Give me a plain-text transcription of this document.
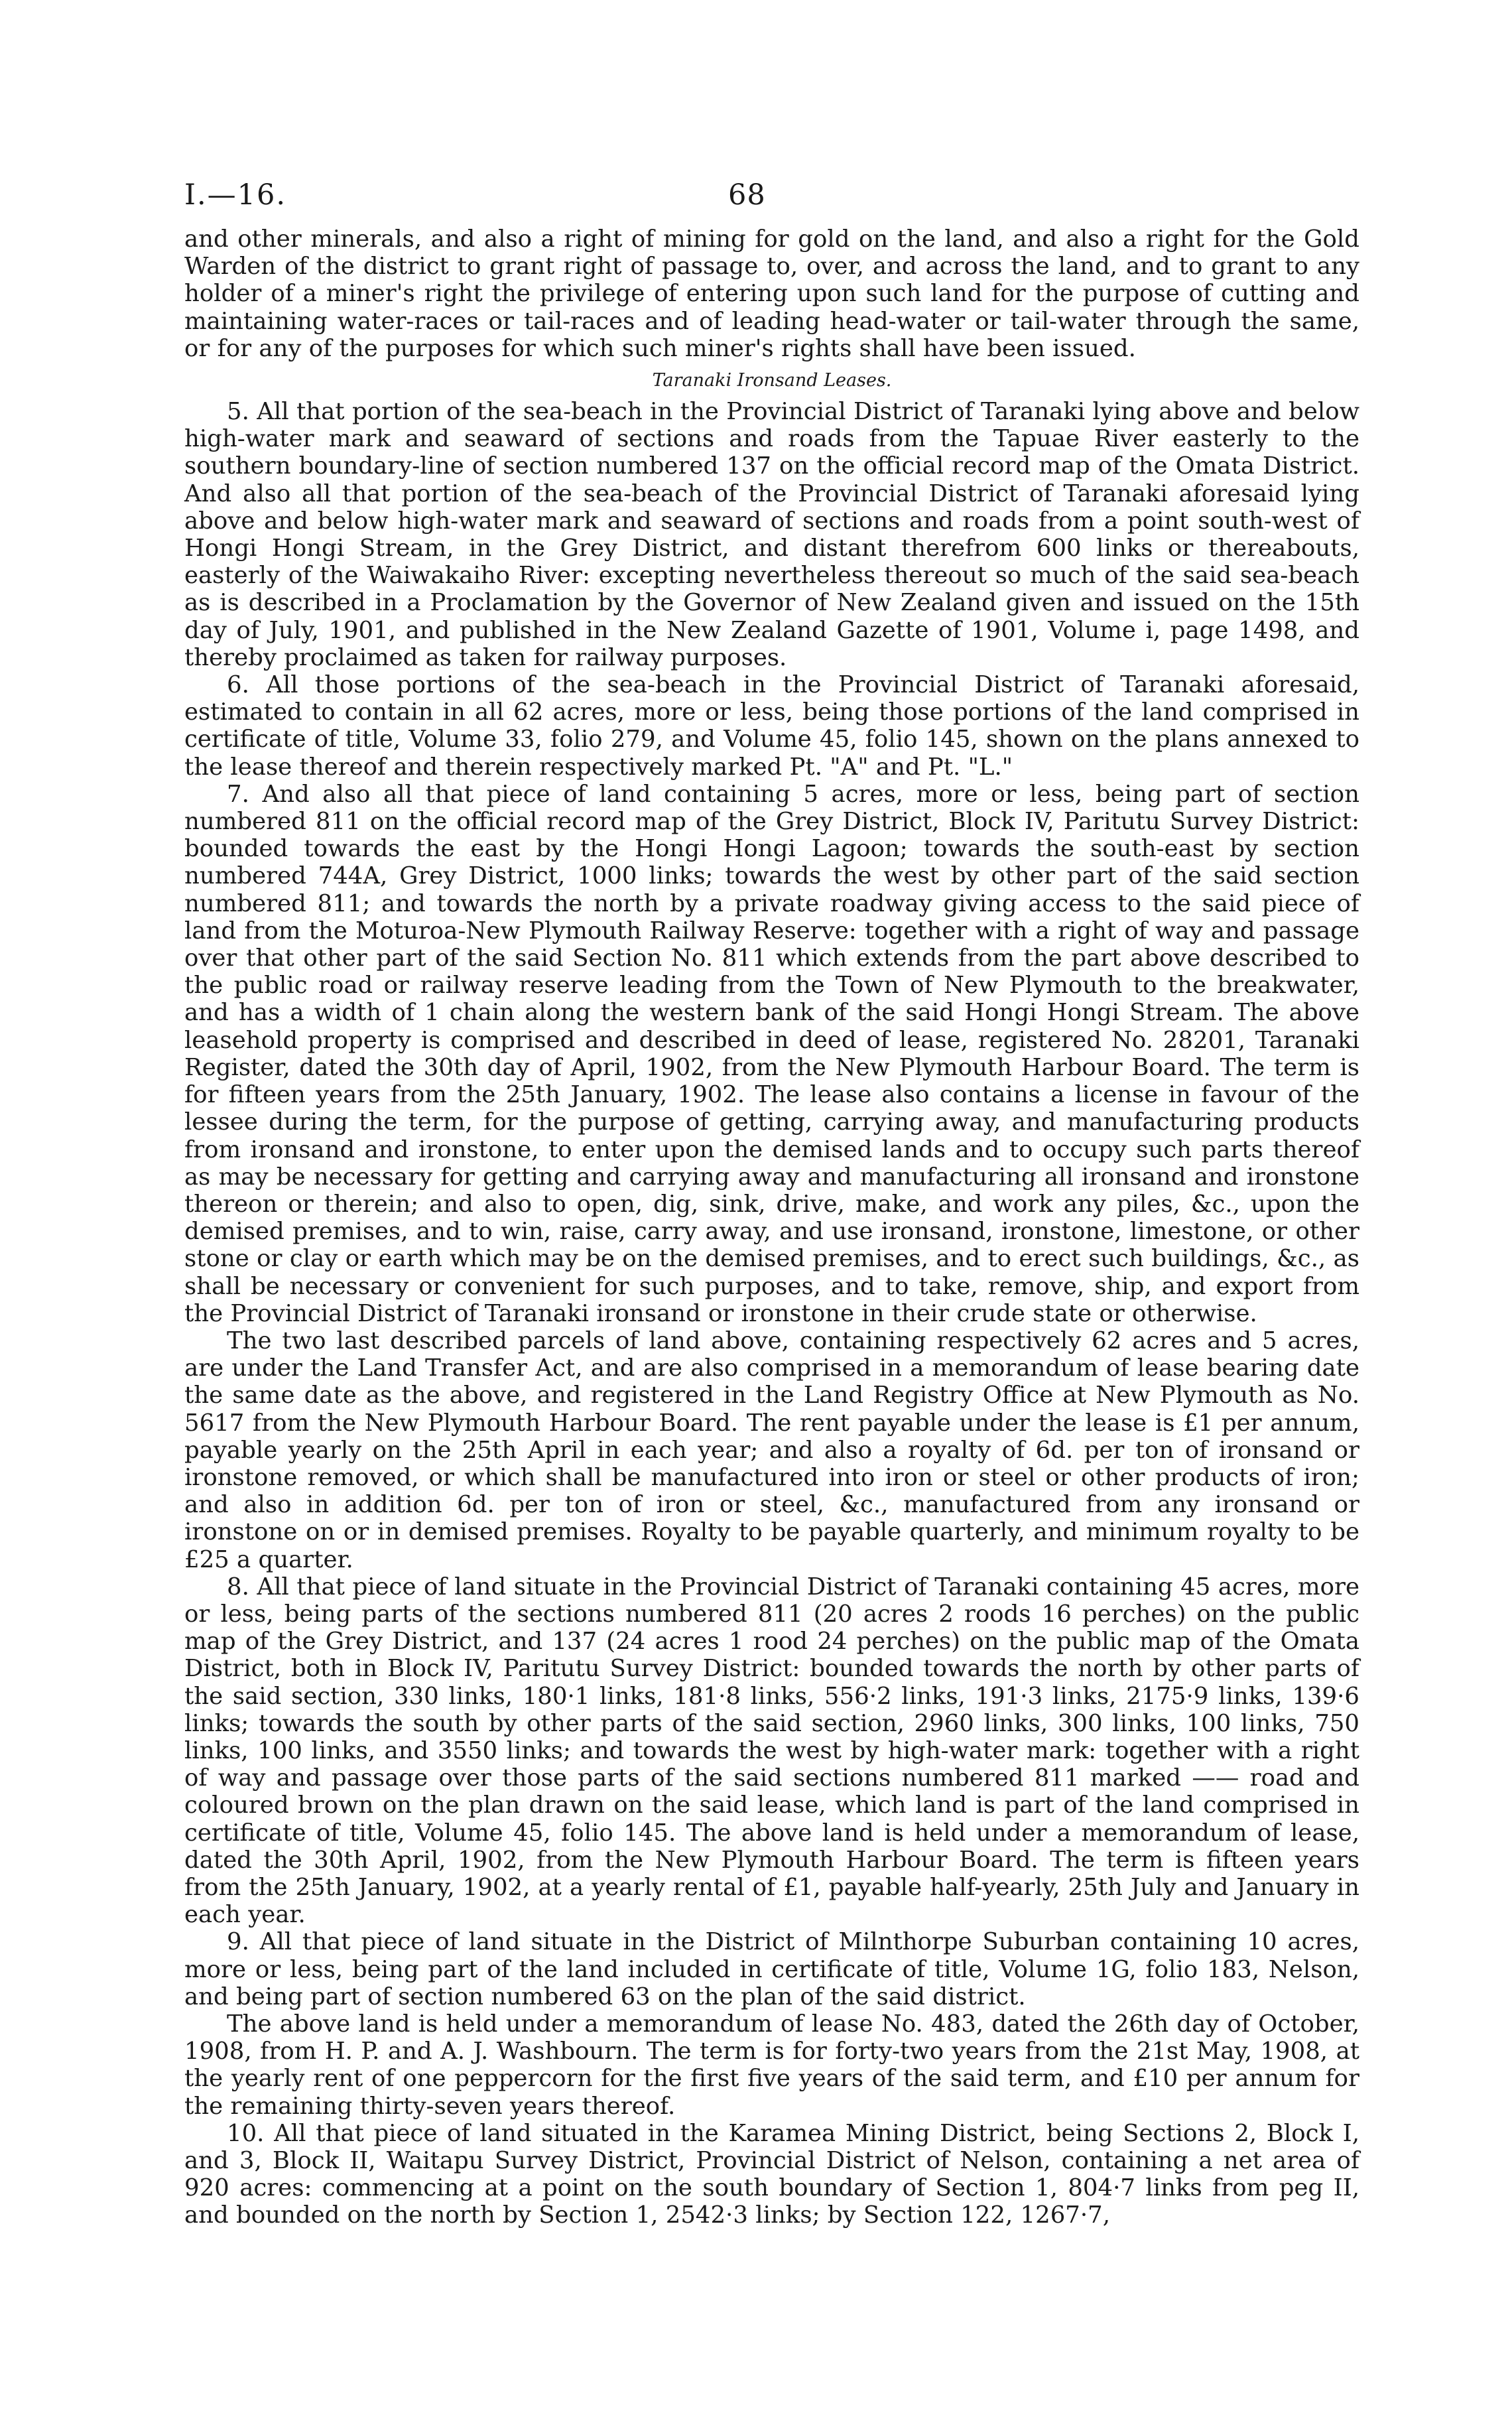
I.—16.	68

and other minerals, and also a right of mining for gold on the land, and also a right for the Gold Warden of the district to grant right of passage to, over, and across the land, and to grant to any holder of a miner's right the privilege of entering upon such land for the purpose of cutting and maintaining water-races or tail-races and of leading head-water or tail-water through the same, or for any of the purposes for which such miner's rights shall have been issued.

Taranaki Ironsand Leases.

5. All that portion of the sea-beach in the Provincial District of Taranaki lying above and below high-water mark and seaward of sections and roads from the Tapuae River easterly to the southern boundary-line of section numbered 137 on the official record map of the Omata District. And also all that portion of the sea-beach of the Provincial District of Taranaki aforesaid lying above and below high-water mark and seaward of sections and roads from a point south-west of Hongi Hongi Stream, in the Grey District, and distant therefrom 600 links or thereabouts, easterly of the Waiwakaiho River: excepting nevertheless thereout so much of the said sea-beach as is described in a Proclamation by the Governor of New Zealand given and issued on the 15th day of July, 1901, and published in the New Zealand Gazette of 1901, Volume i, page 1498, and thereby proclaimed as taken for railway purposes.

6. All those portions of the sea-beach in the Provincial District of Taranaki aforesaid, estimated to contain in all 62 acres, more or less, being those portions of the land comprised in certificate of title, Volume 33, folio 279, and Volume 45, folio 145, shown on the plans annexed to the lease thereof and therein respectively marked Pt. "A" and Pt. "L."

7. And also all that piece of land containing 5 acres, more or less, being part of section numbered 811 on the official record map of the Grey District, Block IV, Paritutu Survey District: bounded towards the east by the Hongi Hongi Lagoon; towards the south-east by section numbered 744A, Grey District, 1000 links; towards the west by other part of the said section numbered 811; and towards the north by a private roadway giving access to the said piece of land from the Moturoa-New Plymouth Railway Reserve: together with a right of way and passage over that other part of the said Section No. 811 which extends from the part above described to the public road or railway reserve leading from the Town of New Plymouth to the breakwater, and has a width of 1 chain along the western bank of the said Hongi Hongi Stream. The above leasehold property is comprised and described in deed of lease, registered No. 28201, Taranaki Register, dated the 30th day of April, 1902, from the New Plymouth Harbour Board. The term is for fifteen years from the 25th January, 1902. The lease also contains a license in favour of the lessee during the term, for the purpose of getting, carrying away, and manufacturing products from ironsand and ironstone, to enter upon the demised lands and to occupy such parts thereof as may be necessary for getting and carrying away and manufacturing all ironsand and ironstone thereon or therein; and also to open, dig, sink, drive, make, and work any piles, &c., upon the demised premises, and to win, raise, carry away, and use ironsand, ironstone, limestone, or other stone or clay or earth which may be on the demised premises, and to erect such buildings, &c., as shall be necessary or convenient for such purposes, and to take, remove, ship, and export from the Provincial District of Taranaki ironsand or ironstone in their crude state or otherwise.

The two last described parcels of land above, containing respectively 62 acres and 5 acres, are under the Land Transfer Act, and are also comprised in a memorandum of lease bearing date the same date as the above, and registered in the Land Registry Office at New Plymouth as No. 5617 from the New Plymouth Harbour Board. The rent payable under the lease is £1 per annum, payable yearly on the 25th April in each year; and also a royalty of 6d. per ton of ironsand or ironstone removed, or which shall be manufactured into iron or steel or other products of iron; and also in addition 6d. per ton of iron or steel, &c., manufactured from any ironsand or ironstone on or in demised premises. Royalty to be payable quarterly, and minimum royalty to be £25 a quarter.

8. All that piece of land situate in the Provincial District of Taranaki containing 45 acres, more or less, being parts of the sections numbered 811 (20 acres 2 roods 16 perches) on the public map of the Grey District, and 137 (24 acres 1 rood 24 perches) on the public map of the Omata District, both in Block IV, Paritutu Survey District: bounded towards the north by other parts of the said section, 330 links, 180·1 links, 181·8 links, 556·2 links, 191·3 links, 2175·9 links, 139·6 links; towards the south by other parts of the said section, 2960 links, 300 links, 100 links, 750 links, 100 links, and 3550 links; and towards the west by high-water mark: together with a right of way and passage over those parts of the said sections numbered 811 marked —— road and coloured brown on the plan drawn on the said lease, which land is part of the land comprised in certificate of title, Volume 45, folio 145. The above land is held under a memorandum of lease, dated the 30th April, 1902, from the New Plymouth Harbour Board. The term is fifteen years from the 25th January, 1902, at a yearly rental of £1, payable half-yearly, 25th July and January in each year.

9. All that piece of land situate in the District of Milnthorpe Suburban containing 10 acres, more or less, being part of the land included in certificate of title, Volume 1G, folio 183, Nelson, and being part of section numbered 63 on the plan of the said district.

The above land is held under a memorandum of lease No. 483, dated the 26th day of October, 1908, from H. P. and A. J. Washbourn. The term is for forty-two years from the 21st May, 1908, at the yearly rent of one peppercorn for the first five years of the said term, and £10 per annum for the remaining thirty-seven years thereof.

10. All that piece of land situated in the Karamea Mining District, being Sections 2, Block I, and 3, Block II, Waitapu Survey District, Provincial District of Nelson, containing a net area of 920 acres: commencing at a point on the south boundary of Section 1, 804·7 links from peg II, and bounded on the north by Section 1, 2542·3 links; by Section 122, 1267·7,
